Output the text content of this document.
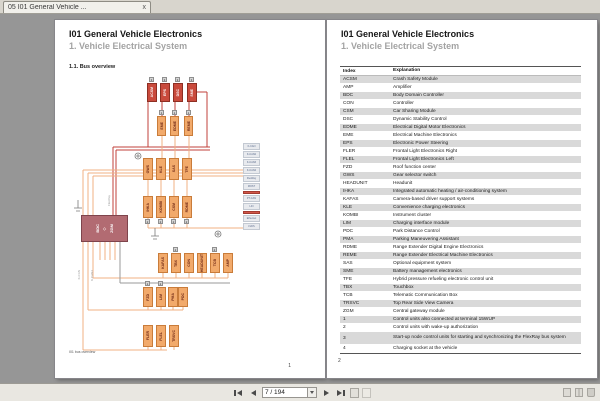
05 I01 General Vehicle ...	x
I01 General Vehicle Electronics
1. Vehicle Electrical System
1.1. Bus overview
ACSM
3
EPS
3
DSC
3
SME
3
EME
1
EDME
1
REME
1
GWS	KLE	SAS	TFE
IHKA
2
KOMBI
2
CSM
2
RDME
2
KAFAS	TBX
2
CON	HEADUNIT	TCB
2
AMP
FZD
1
LIM
2
PMA PDC
FLER	FLEL	TRSVC
BDC ◇ ZGM
K-CAN
K-CAN2
K-CAN3
K-CAN4
FlexRay
MOST
PT-CAN
LIN
Ethernet
LVDS
FlexRay
K-CAN	K-CAN2
I01 bus overview
1
I01 General Vehicle Electronics
1. Vehicle Electrical System
Index	Explanation
ACSM	Crash Safety Module
AMP	Amplifier
BDC	Body Domain Controller
CON	Controller
CSM	Car Sharing Module
DSC	Dynamic Stability Control
EDME	Electrical Digital Motor Electronics
EME	Electrical Machine Electronics
EPS	Electronic Power Steering
FLER	Frontal Light Electronics Right
FLEL	Frontal Light Electronics Left
FZD	Roof function center
GWS	Gear selector switch
HEADUNIT	Headunit
IHKA	Integrated automatic heating / air-conditioning system
KAFAS	Camera-based driver support systems
KLE	Convenience charging electronics
KOMBI	Instrument cluster
LIM	Charging interface module
PDC	Park Distance Control
PMA	Parking Maneuvering Assistant
RDME	Range Extender Digital Engine Electronics
REME	Range Extender Electrical Machine Electronics
SAS	Optional equipment system
SME	Battery management electronics
TFE	Hybrid pressure refueling electronic control unit
TBX	Touchbox
TCB	Telematic Communication Box
TRSVC	Top Rear Side View Camera
ZGM	Central gateway module
1	Control units also connected at terminal 15WUP
2	Control units with wake-up authorization
3	Start-up node control units for starting and synchronizing the FlexRay bus system
4	Charging socket at the vehicle
2
7 / 194
